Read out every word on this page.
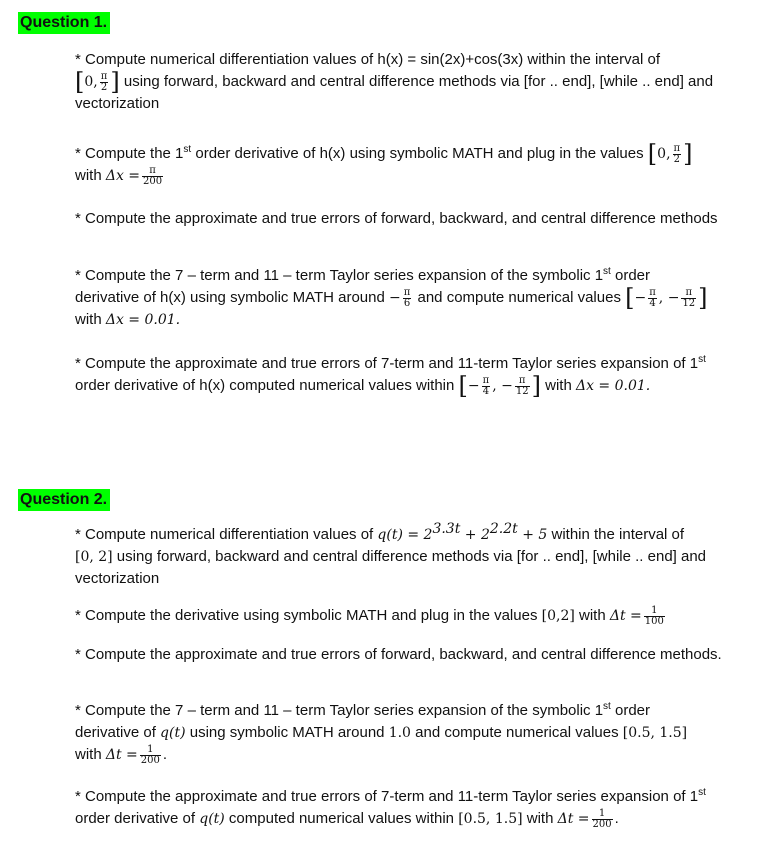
Question 1.
* Compute numerical differentiation values of h(x) = sin(2x)+cos(3x) within the interval of
[0, $\frac{\pi}{2}$ ] using forward, backward and central difference methods via [for .. end], [while .. end] and vectorization
* Compute the 1st order derivative of h(x) using symbolic MATH and plug in the values [0, $\frac{\pi}{2}$ ]
with $\Delta x = \frac{\pi}{200}$
* Compute the approximate and true errors of forward, backward, and central difference methods
* Compute the 7 – term and 11 – term Taylor series expansion of the symbolic 1st order
derivative of h(x) using symbolic MATH around − $\frac{\pi}{6}$ and compute numerical values [− $\frac{\pi}{4}$ , − $\frac{\pi}{12}$ ]
with Δx = 0.01.
* Compute the approximate and true errors of 7-term and 11-term Taylor series expansion of 1st
order derivative of h(x) computed numerical values within [− $\frac{\pi}{4}$ , − $\frac{\pi}{12}$ ] with Δx = 0.01.
Question 2.
* Compute numerical differentiation values of $q(t) = 2^{3.3t} + 2^{2.2t} + 5$ within the interval of
[0, 2] using forward, backward and central difference methods via [for .. end], [while .. end] and vectorization
* Compute the derivative using symbolic MATH and plug in the values [0,2] with $\Delta t = \frac{1}{100}$
* Compute the approximate and true errors of forward, backward, and central difference methods.
* Compute the 7 – term and 11 – term Taylor series expansion of the symbolic 1st order
derivative of q(t) using symbolic MATH around 1.0 and compute numerical values [0.5, 1.5]
with $\Delta t = \frac{1}{200}$ .
* Compute the approximate and true errors of 7-term and 11-term Taylor series expansion of 1st
order derivative of q(t) computed numerical values within [0.5, 1.5] with $\Delta t = \frac{1}{200}$ .
